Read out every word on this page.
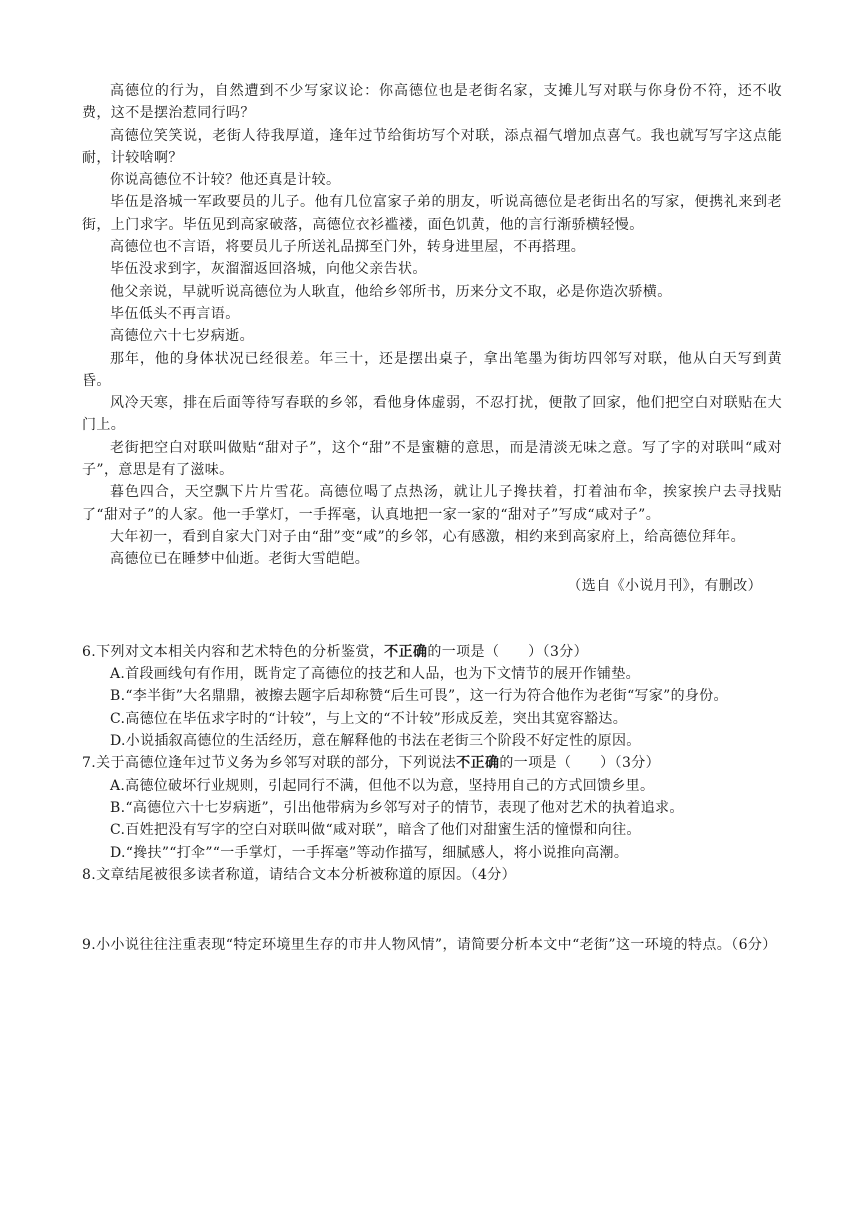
高德位的行为，自然遭到不少写家议论：你高德位也是老街名家，支摊儿写对联与你身份不符，还不收费，这不是摆治惹同行吗？

高德位笑笑说，老街人待我厚道，逢年过节给街坊写个对联，添点福气增加点喜气。我也就写写字这点能耐，计较啥啊？

你说高德位不计较？他还真是计较。

毕伍是洛城一军政要员的儿子。他有几位富家子弟的朋友，听说高德位是老街出名的写家，便携礼来到老街，上门求字。毕伍见到高家破落，高德位衣衫褴褛，面色饥黄，他的言行渐骄横轻慢。

高德位也不言语，将要员儿子所送礼品掷至门外，转身进里屋，不再搭理。

毕伍没求到字，灰溜溜返回洛城，向他父亲告状。

他父亲说，早就听说高德位为人耿直，他给乡邻所书，历来分文不取，必是你造次骄横。

毕伍低头不再言语。

高德位六十七岁病逝。

那年，他的身体状况已经很差。年三十，还是摆出桌子，拿出笔墨为街坊四邻写对联，他从白天写到黄昏。

风冷天寒，排在后面等待写春联的乡邻，看他身体虚弱，不忍打扰，便散了回家，他们把空白对联贴在大门上。

老街把空白对联叫做贴“甜对子”，这个“甜”不是蜜糖的意思，而是清淡无味之意。写了字的对联叫“咸对子”，意思是有了滋味。

暮色四合，天空飘下片片雪花。高德位喝了点热汤，就让儿子搀扶着，打着油布伞，挨家挨户去寻找贴了“甜对子”的人家。他一手掌灯，一手挥毫，认真地把一家一家的“甜对子”写成“咸对子”。

大年初一，看到自家大门对子由“甜”变“咸”的乡邻，心有感激，相约来到高家府上，给高德位拜年。

高德位已在睡梦中仙逝。老街大雪皑皑。

（选自《小说月刊》，有删改）

6.下列对文本相关内容和艺术特色的分析鉴赏，不正确的一项是（　　）（3分）

A.首段画线句有作用，既肯定了高德位的技艺和人品，也为下文情节的展开作铺垫。

B.“李半街”大名鼎鼎，被擦去题字后却称赞“后生可畏”，这一行为符合他作为老街“写家”的身份。

C.高德位在毕伍求字时的“计较”，与上文的“不计较”形成反差，突出其宽容豁达。

D.小说插叙高德位的生活经历，意在解释他的书法在老街三个阶段不好定性的原因。

7.关于高德位逢年过节义务为乡邻写对联的部分，下列说法不正确的一项是（　　）（3分）

A.高德位破坏行业规则，引起同行不满，但他不以为意，坚持用自己的方式回馈乡里。

B.“高德位六十七岁病逝”，引出他带病为乡邻写对子的情节，表现了他对艺术的执着追求。

C.百姓把没有写字的空白对联叫做“咸对联”，暗含了他们对甜蜜生活的憧憬和向往。

D.“搀扶”“打伞”“一手掌灯，一手挥毫”等动作描写，细腻感人，将小说推向高潮。

8.文章结尾被很多读者称道，请结合文本分析被称道的原因。（4分）

9.小小说往往注重表现“特定环境里生存的市井人物风情”，请简要分析本文中“老街”这一环境的特点。（6分）
